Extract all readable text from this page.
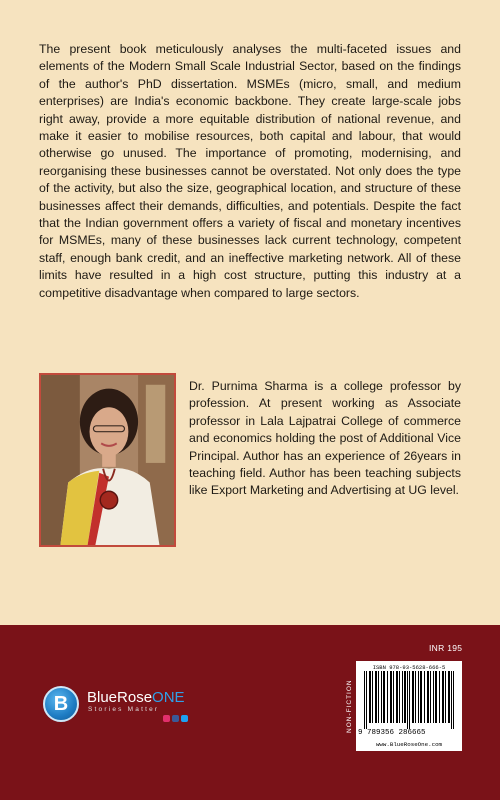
The present book meticulously analyses the multi-faceted issues and elements of the Modern Small Scale Industrial Sector, based on the findings of the author's PhD dissertation. MSMEs (micro, small, and medium enterprises) are India's economic backbone. They create large-scale jobs right away, provide a more equitable distribution of national revenue, and make it easier to mobilise resources, both capital and labour, that would otherwise go unused. The importance of promoting, modernising, and reorganising these businesses cannot be overstated. Not only does the type of the activity, but also the size, geographical location, and structure of these businesses affect their demands, difficulties, and potentials. Despite the fact that the Indian government offers a variety of fiscal and monetary incentives for MSMEs, many of these businesses lack current technology, competent staff, enough bank credit, and an ineffective marketing network. All of these limits have resulted in a high cost structure, putting this industry at a competitive disadvantage when compared to large sectors.

Dr. Purnima Sharma is a college professor by profession. At present working as Associate professor in Lala Lajpatrai College of commerce and economics holding the post of Additional Vice Principal. Author has an experience of 26years in teaching field. Author has been teaching subjects like Export Marketing and Advertising at UG level.

B	BlueRoseONE
Stories Matter
INR 195
NON-FICTION
ISBN 978-93-5628-666-5
9 789356 286665
www.BlueRoseOne.com
